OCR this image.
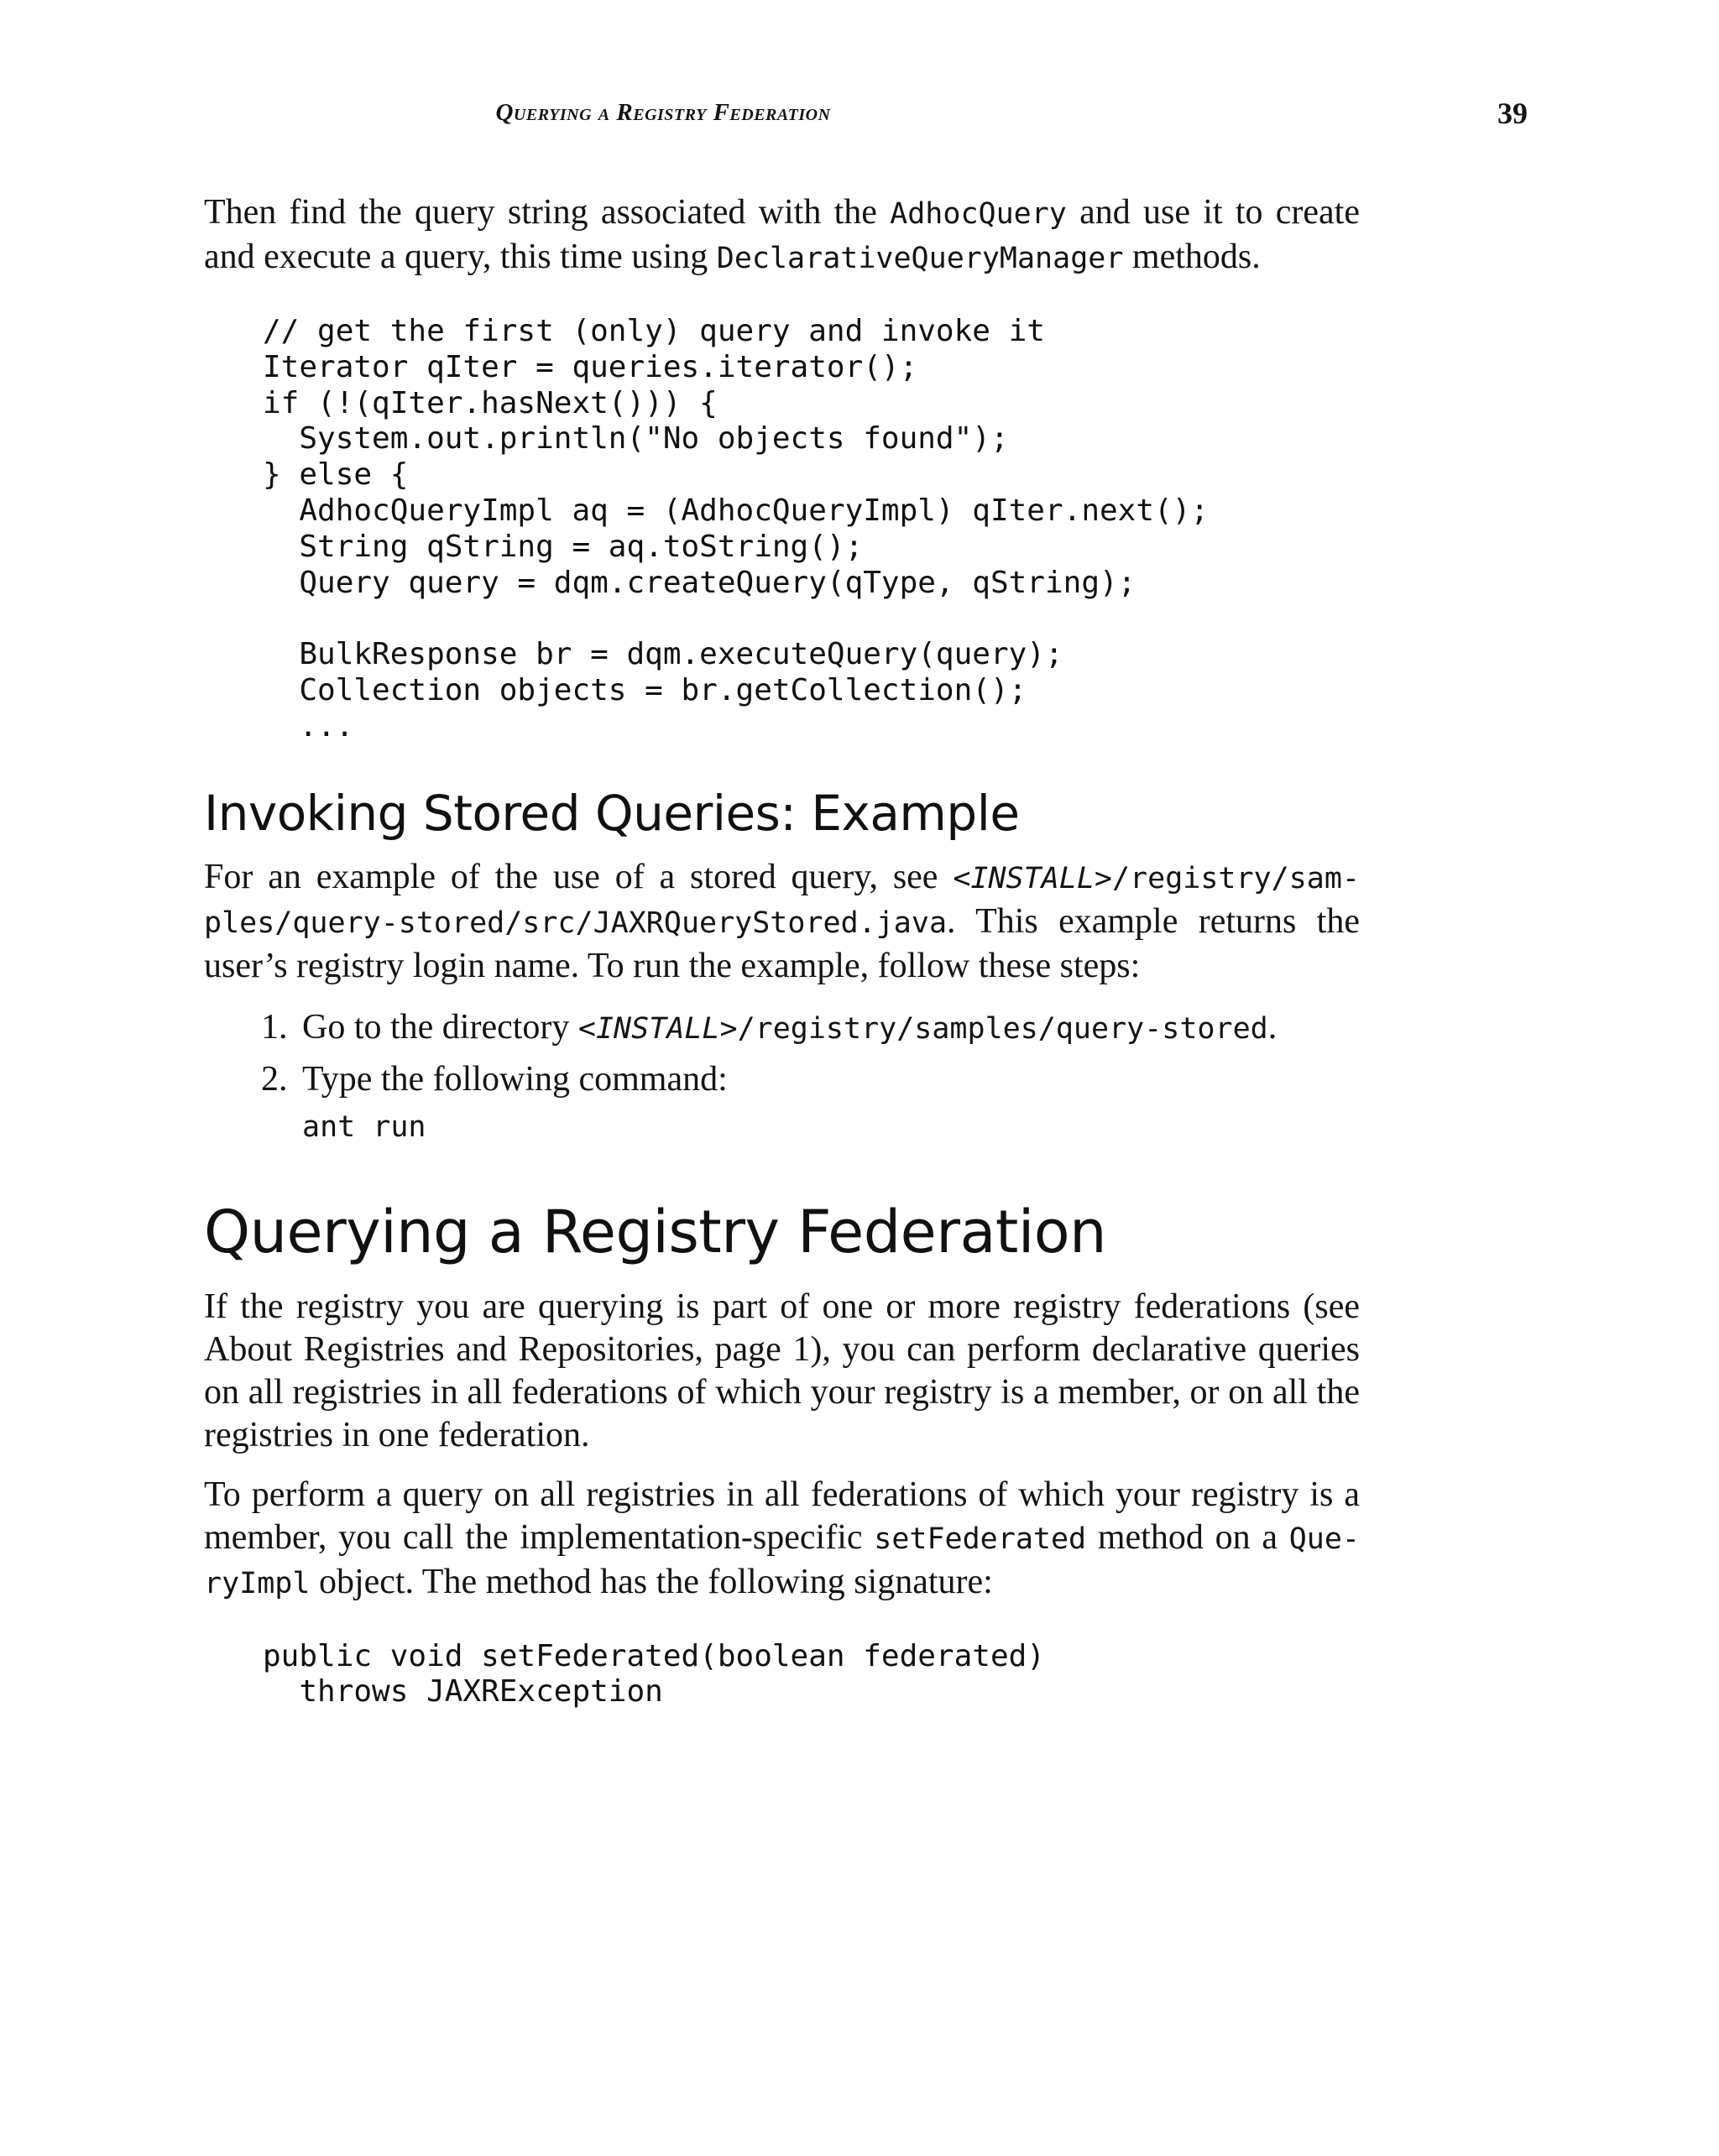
Querying a Registry Federation	39

Then find the query string associated with the AdhocQuery and use it to create and execute a query, this time using DeclarativeQueryManager methods.

// get the first (only) query and invoke it
Iterator qIter = queries.iterator();
if (!(qIter.hasNext())) {
System.out.println("No objects found");
} else {
AdhocQueryImpl aq = (AdhocQueryImpl) qIter.next();
String qString = aq.toString();
Query query = dqm.createQuery(qType, qString);

BulkResponse br = dqm.executeQuery(query);
Collection objects = br.getCollection();
...
Invoking Stored Queries: Example

For an example of the use of a stored query, see <INSTALL>/registry/sam-ples/query-stored/src/JAXRQueryStored.java. This example returns the user’s registry login name. To run the example, follow these steps:

1. Go to the directory <INSTALL>/registry/samples/query-stored.
2. Type the following command:
ant run
Querying a Registry Federation

If the registry you are querying is part of one or more registry federations (see About Registries and Repositories, page 1), you can perform declarative queries on all registries in all federations of which your registry is a member, or on all the registries in one federation.

To perform a query on all registries in all federations of which your registry is a member, you call the implementation-specific setFederated method on a Que-ryImpl object. The method has the following signature:

public void setFederated(boolean federated)
throws JAXRException
